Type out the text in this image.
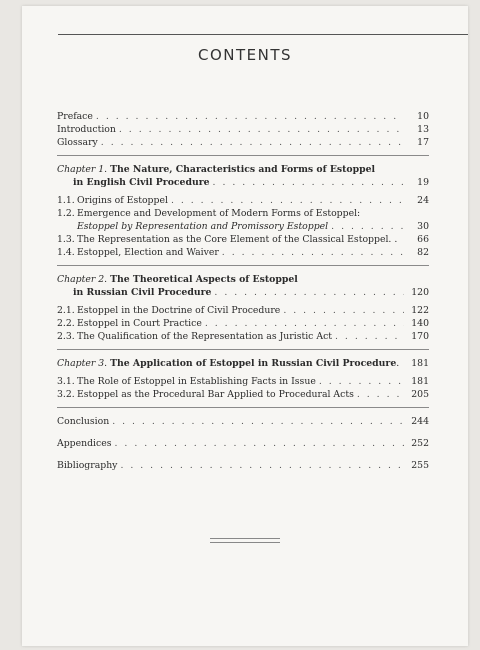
CONTENTS
Preface . . .	10
Introduction . . .	13
Glossary . . .	17
Chapter 1. The Nature, Characteristics and Forms of Estoppel
in English Civil Procedure . . .	19
1.1. Origins of Estoppel . . .	24
1.2. Emergence and Development of Modern Forms of Estoppel:
Estoppel by Representation and Promissory Estoppel . . .	30
1.3. The Representation as the Core Element of the Classical Estoppel . .	66
1.4. Estoppel, Election and Waiver . . .	82
Chapter 2. The Theoretical Aspects of Estoppel
in Russian Civil Procedure . . .	120
2.1. Estoppel in the Doctrine of Civil Procedure . . .	122
2.2. Estoppel in Court Practice . . .	140
2.3. The Qualification of the Representation as Juristic Act . . .	170
Chapter 3. The Application of Estoppel in Russian Civil Procedure .	181
3.1. The Role of Estoppel in Establishing Facts in Issue . . .	181
3.2. Estoppel as the Procedural Bar Applied to Procedural Acts . . .	205
Conclusion . . .	244
Appendices . . .	252
Bibliography . . .	255
